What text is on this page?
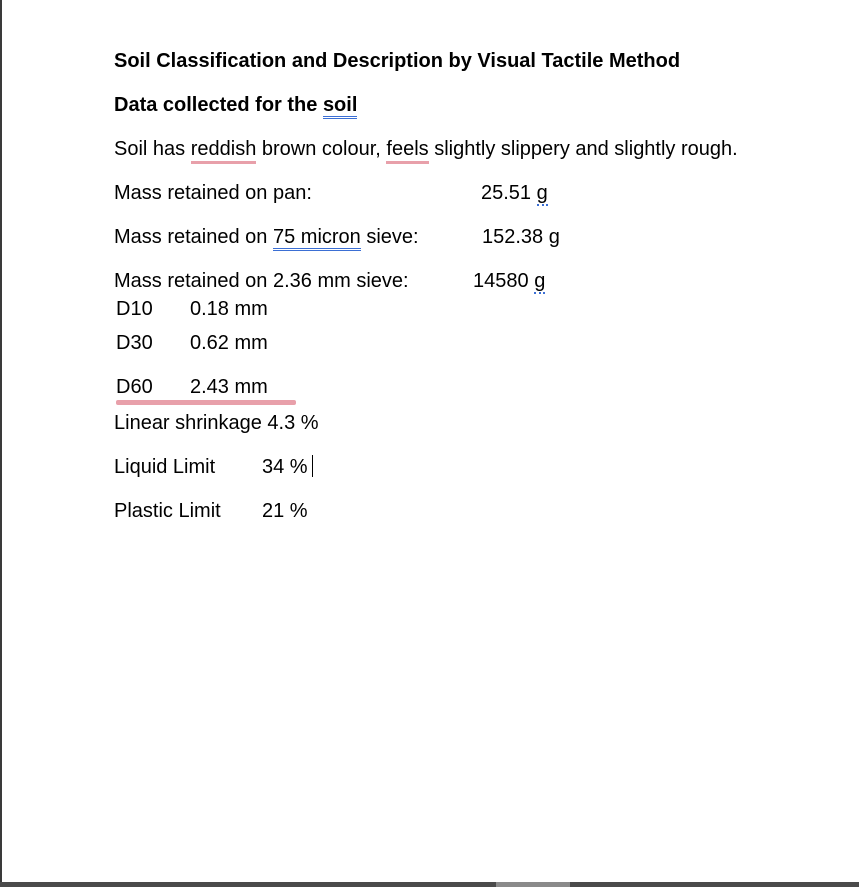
Soil Classification and Description by Visual Tactile Method
Data collected for the soil
Soil has reddish brown colour, feels slightly slippery and slightly rough.
Mass retained on pan:	25.51 g
Mass retained on 75 micron sieve:	152.38 g
Mass retained on 2.36 mm sieve:	14580 g
D10 0.18 mm
D30 0.62 mm
D60 2.43 mm
Linear shrinkage 4.3 %
Liquid Limit 34 %
Plastic Limit 21 %
